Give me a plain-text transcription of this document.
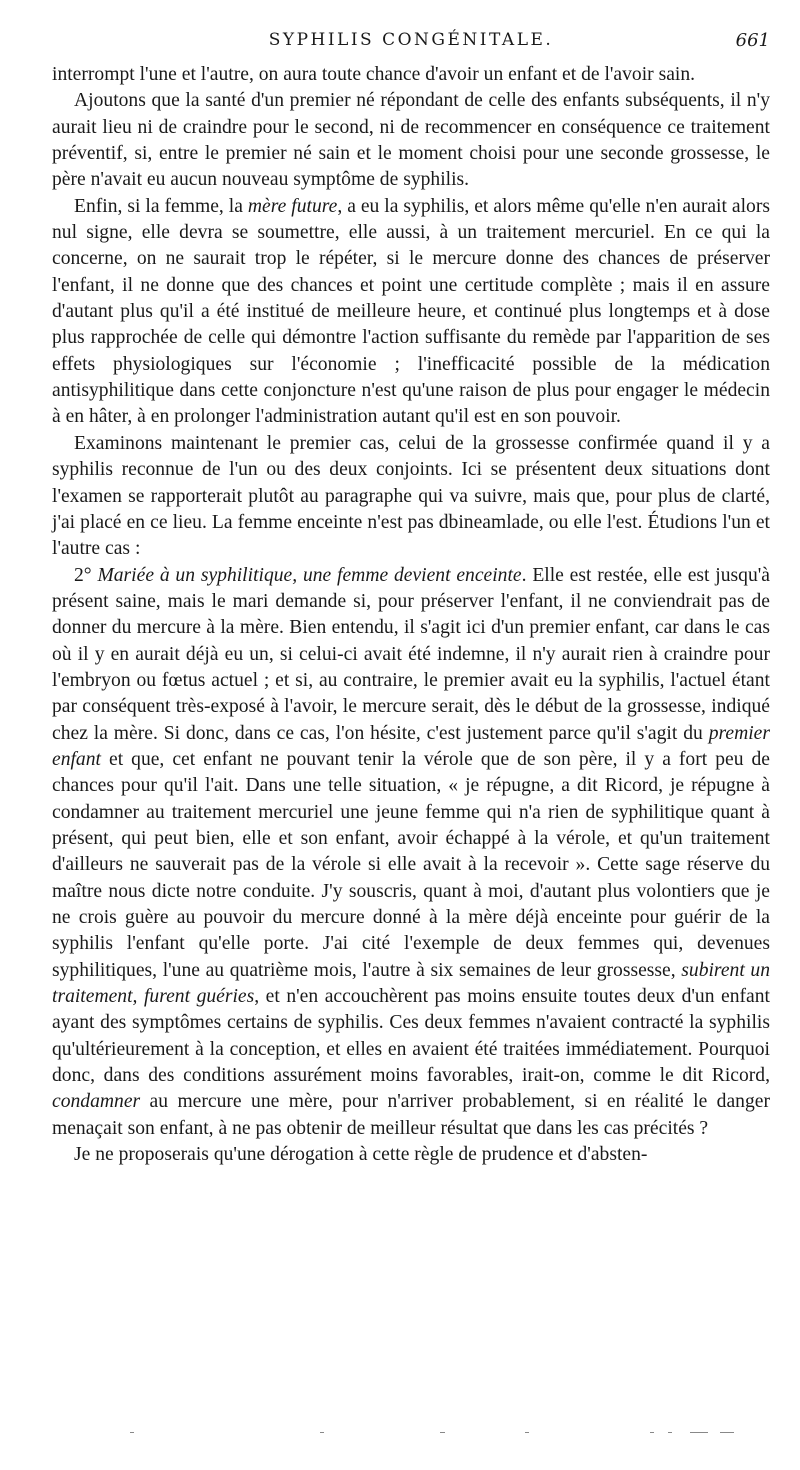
SYPHILIS CONGÉNITALE.	661

interrompt l'une et l'autre, on aura toute chance d'avoir un enfant et de l'avoir sain.

Ajoutons que la santé d'un premier né répondant de celle des enfants subséquents, il n'y aurait lieu ni de craindre pour le second, ni de recommencer en conséquence ce traitement préventif, si, entre le premier né sain et le moment choisi pour une seconde grossesse, le père n'avait eu aucun nouveau symptôme de syphilis.

Enfin, si la femme, la mère future, a eu la syphilis, et alors même qu'elle n'en aurait alors nul signe, elle devra se soumettre, elle aussi, à un traitement mercuriel. En ce qui la concerne, on ne saurait trop le répéter, si le mercure donne des chances de préserver l'enfant, il ne donne que des chances et point une certitude complète ; mais il en assure d'autant plus qu'il a été institué de meilleure heure, et continué plus longtemps et à dose plus rapprochée de celle qui démontre l'action suffisante du remède par l'apparition de ses effets physiologiques sur l'économie ; l'inefficacité possible de la médication antisyphilitique dans cette conjoncture n'est qu'une raison de plus pour engager le médecin à en hâter, à en prolonger l'administration autant qu'il est en son pouvoir.

Examinons maintenant le premier cas, celui de la grossesse confirmée quand il y a syphilis reconnue de l'un ou des deux conjoints. Ici se présentent deux situations dont l'examen se rapporterait plutôt au paragraphe qui va suivre, mais que, pour plus de clarté, j'ai placé en ce lieu. La femme enceinte n'est pas dbineamlade, ou elle l'est. Étudions l'un et l'autre cas :

2° Mariée à un syphilitique, une femme devient enceinte. Elle est restée, elle est jusqu'à présent saine, mais le mari demande si, pour préserver l'enfant, il ne conviendrait pas de donner du mercure à la mère. Bien entendu, il s'agit ici d'un premier enfant, car dans le cas où il y en aurait déjà eu un, si celui-ci avait été indemne, il n'y aurait rien à craindre pour l'embryon ou fœtus actuel ; et si, au contraire, le premier avait eu la syphilis, l'actuel étant par conséquent très-exposé à l'avoir, le mercure serait, dès le début de la grossesse, indiqué chez la mère. Si donc, dans ce cas, l'on hésite, c'est justement parce qu'il s'agit du premier enfant et que, cet enfant ne pouvant tenir la vérole que de son père, il y a fort peu de chances pour qu'il l'ait. Dans une telle situation, « je répugne, a dit Ricord, je répugne à condamner au traitement mercuriel une jeune femme qui n'a rien de syphilitique quant à présent, qui peut bien, elle et son enfant, avoir échappé à la vérole, et qu'un traitement d'ailleurs ne sauverait pas de la vérole si elle avait à la recevoir ». Cette sage réserve du maître nous dicte notre conduite. J'y souscris, quant à moi, d'autant plus volontiers que je ne crois guère au pouvoir du mercure donné à la mère déjà enceinte pour guérir de la syphilis l'enfant qu'elle porte. J'ai cité l'exemple de deux femmes qui, devenues syphilitiques, l'une au quatrième mois, l'autre à six semaines de leur grossesse, subirent un traitement, furent guéries, et n'en accouchèrent pas moins ensuite toutes deux d'un enfant ayant des symptômes certains de syphilis. Ces deux femmes n'avaient contracté la syphilis qu'ultérieurement à la conception, et elles en avaient été traitées immédiatement. Pourquoi donc, dans des conditions assurément moins favorables, irait-on, comme le dit Ricord, condamner au mercure une mère, pour n'arriver probablement, si en réalité le danger menaçait son enfant, à ne pas obtenir de meilleur résultat que dans les cas précités ?

Je ne proposerais qu'une dérogation à cette règle de prudence et d'absten-
